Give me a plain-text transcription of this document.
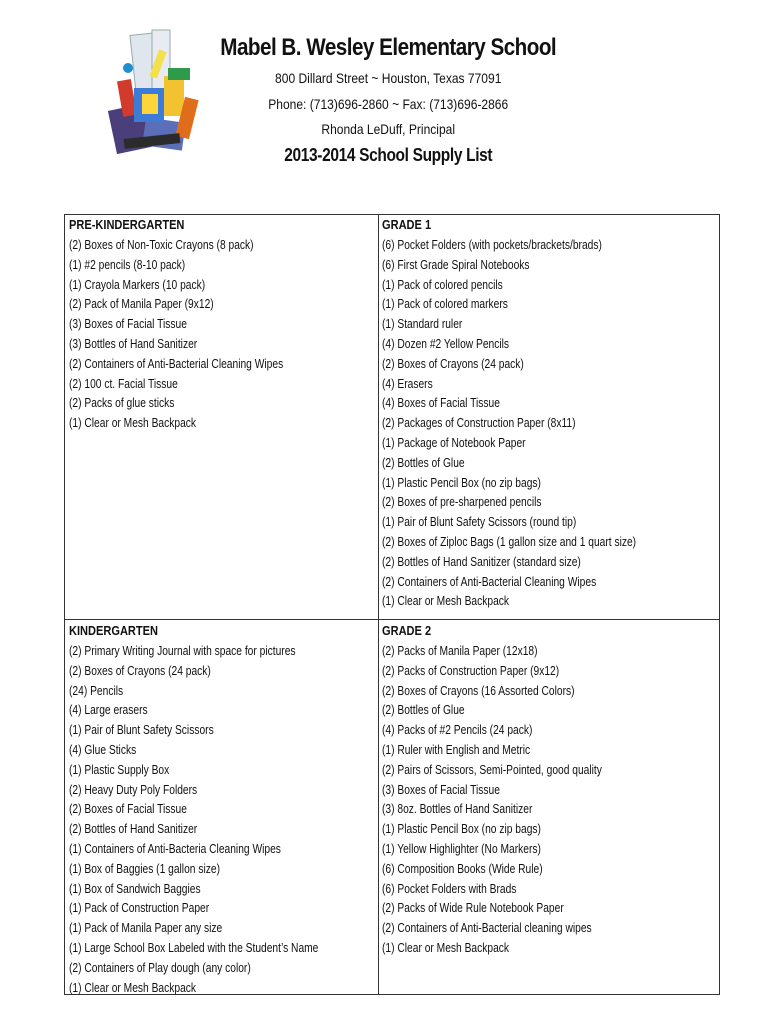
Mabel B. Wesley Elementary School
800 Dillard Street ~ Houston, Texas 77091
Phone: (713)696-2860 ~ Fax: (713)696-2866
Rhonda LeDuff, Principal
2013-2014 School Supply List
PRE-KINDERGARTEN
(2) Boxes of Non-Toxic Crayons (8 pack)
(1) #2 pencils (8-10 pack)
(1) Crayola Markers (10 pack)
(2) Pack of Manila Paper (9x12)
(3) Boxes of Facial Tissue
(3) Bottles of Hand Sanitizer
(2) Containers of Anti-Bacterial Cleaning Wipes
(2) 100 ct. Facial Tissue
(2) Packs of glue sticks
(1) Clear or Mesh Backpack
GRADE 1
(6) Pocket Folders (with pockets/brackets/brads)
(6) First Grade Spiral Notebooks
(1) Pack of colored pencils
(1) Pack of colored markers
(1) Standard ruler
(4) Dozen #2 Yellow Pencils
(2) Boxes of Crayons (24 pack)
(4) Erasers
(4) Boxes of Facial Tissue
(2) Packages of Construction Paper (8x11)
(1) Package of Notebook Paper
(2) Bottles of Glue
(1) Plastic Pencil Box (no zip bags)
(2) Boxes of pre-sharpened pencils
(1) Pair of Blunt Safety Scissors (round tip)
(2) Boxes of Ziploc Bags (1 gallon size and 1 quart size)
(2) Bottles of Hand Sanitizer (standard size)
(2) Containers of Anti-Bacterial Cleaning Wipes
(1) Clear or Mesh Backpack
KINDERGARTEN
(2) Primary Writing Journal with space for pictures
(2) Boxes of Crayons (24 pack)
(24) Pencils
(4) Large erasers
(1) Pair of Blunt Safety Scissors
(4) Glue Sticks
(1) Plastic Supply Box
(2) Heavy Duty Poly Folders
(2) Boxes of Facial Tissue
(2) Bottles of Hand Sanitizer
(1) Containers of Anti-Bacteria Cleaning Wipes
(1) Box of Baggies (1 gallon size)
(1) Box of Sandwich Baggies
(1) Pack of Construction Paper
(1) Pack of Manila Paper any size
(1) Large School Box Labeled with the Student’s Name
(2) Containers of Play dough (any color)
(1) Clear or Mesh Backpack
GRADE 2
(2) Packs of Manila Paper (12x18)
(2) Packs of Construction Paper (9x12)
(2) Boxes of Crayons (16 Assorted Colors)
(2) Bottles of Glue
(4) Packs of #2 Pencils (24 pack)
(1) Ruler with English and Metric
(2) Pairs of Scissors, Semi-Pointed, good quality
(3) Boxes of Facial Tissue
(3) 8oz. Bottles of Hand Sanitizer
(1) Plastic Pencil Box (no zip bags)
(1) Yellow Highlighter (No Markers)
(6) Composition Books (Wide Rule)
(6) Pocket Folders with Brads
(2) Packs of Wide Rule Notebook Paper
(2) Containers of Anti-Bacterial cleaning wipes
(1) Clear or Mesh Backpack
